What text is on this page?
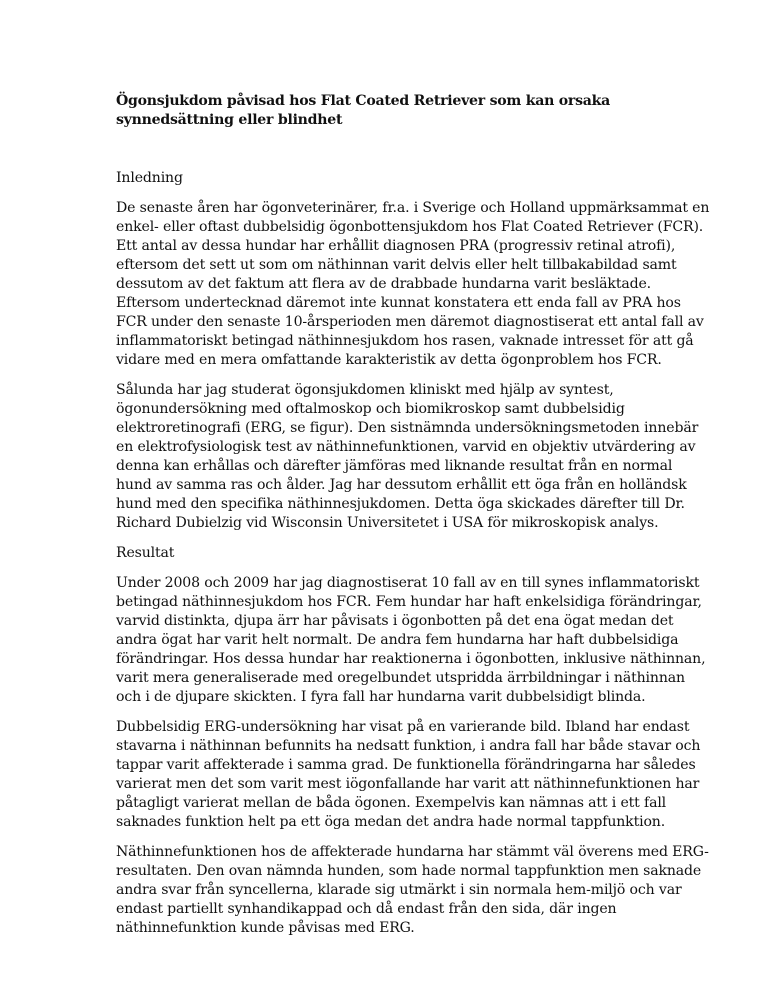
Ögonsjukdom påvisad hos Flat Coated Retriever som kan orsaka
synnedsättning eller blindhet

Inledning

De senaste åren har ögonveterinärer, fr.a. i Sverige och Holland uppmärksammat en
enkel- eller oftast dubbelsidig ögonbottensjukdom hos Flat Coated Retriever (FCR).
Ett antal av dessa hundar har erhållit diagnosen PRA (progressiv retinal atrofi),
eftersom det sett ut som om näthinnan varit delvis eller helt tillbakabildad samt
dessutom av det faktum att flera av de drabbade hundarna varit besläktade.
Eftersom undertecknad däremot inte kunnat konstatera ett enda fall av PRA hos
FCR under den senaste 10-årsperioden men däremot diagnostiserat ett antal fall av
inflammatoriskt betingad näthinnesjukdom hos rasen, vaknade intresset för att gå
vidare med en mera omfattande karakteristik av detta ögonproblem hos FCR.

Sålunda har jag studerat ögonsjukdomen kliniskt med hjälp av syntest,
ögonundersökning med oftalmoskop och biomikroskop samt dubbelsidig
elektroretinografi (ERG, se figur). Den sistnämnda undersökningsmetoden innebär
en elektrofysiologisk test av näthinnefunktionen, varvid en objektiv utvärdering av
denna kan erhållas och därefter jämföras med liknande resultat från en normal
hund av samma ras och ålder. Jag har dessutom erhållit ett öga från en holländsk
hund med den specifika näthinnesjukdomen. Detta öga skickades därefter till Dr.
Richard Dubielzig vid Wisconsin Universitetet i USA för mikroskopisk analys.

Resultat

Under 2008 och 2009 har jag diagnostiserat 10 fall av en till synes inflammatoriskt
betingad näthinnesjukdom hos FCR. Fem hundar har haft enkelsidiga förändringar,
varvid distinkta, djupa ärr har påvisats i ögonbotten på det ena ögat medan det
andra ögat har varit helt normalt. De andra fem hundarna har haft dubbelsidiga
förändringar. Hos dessa hundar har reaktionerna i ögonbotten, inklusive näthinnan,
varit mera generaliserade med oregelbundet utspridda ärrbildningar i näthinnan
och i de djupare skickten. I fyra fall har hundarna varit dubbelsidigt blinda.

Dubbelsidig ERG-undersökning har visat på en varierande bild. Ibland har endast
stavarna i näthinnan befunnits ha nedsatt funktion, i andra fall har både stavar och
tappar varit affekterade i samma grad. De funktionella förändringarna har således
varierat men det som varit mest iögonfallande har varit att näthinnefunktionen har
påtagligt varierat mellan de båda ögonen. Exempelvis kan nämnas att i ett fall
saknades funktion helt pa ett öga medan det andra hade normal tappfunktion.

Näthinnefunktionen hos de affekterade hundarna har stämmt väl överens med ERG-
resultaten. Den ovan nämnda hunden, som hade normal tappfunktion men saknade
andra svar från syncellerna, klarade sig utmärkt i sin normala hem-miljö och var
endast partiellt synhandikappad och då endast från den sida, där ingen
näthinnefunktion kunde påvisas med ERG.
